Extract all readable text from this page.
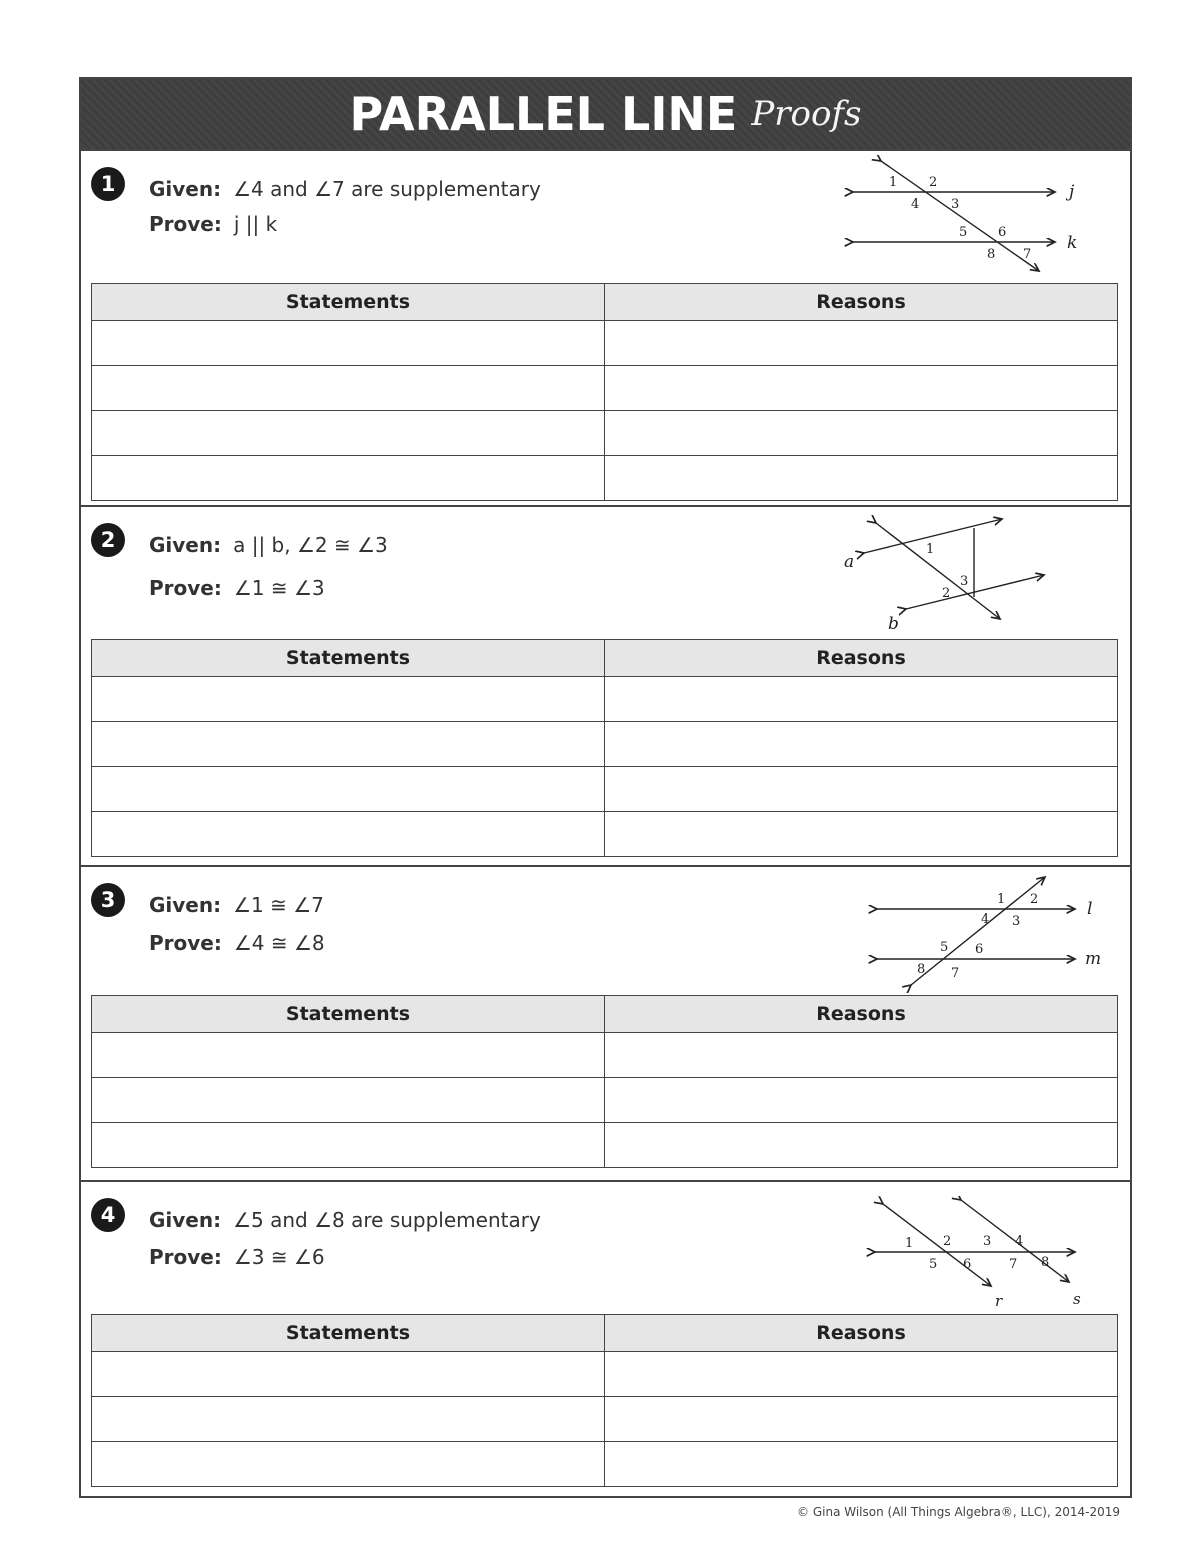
PARALLEL LINE Proofs
1	Given: ∠4 and ∠7 are supplementary
Prove: j || k
j
k
1 2
3
4
5 6
7
8
Statements	Reasons

2	Given: a || b, ∠2 ≅ ∠3
Prove: ∠1 ≅ ∠3
a
b
1
2
3
Statements	Reasons

3	Given: ∠1 ≅ ∠7
Prove: ∠4 ≅ ∠8
l
m
1 2
3
4
5 6
7
8
Statements	Reasons

4	Given: ∠5 and ∠8 are supplementary
Prove: ∠3 ≅ ∠6
r	s
1 2 3 4
5 6	7 8
Statements	Reasons

© Gina Wilson (All Things Algebra®, LLC), 2014-2019
